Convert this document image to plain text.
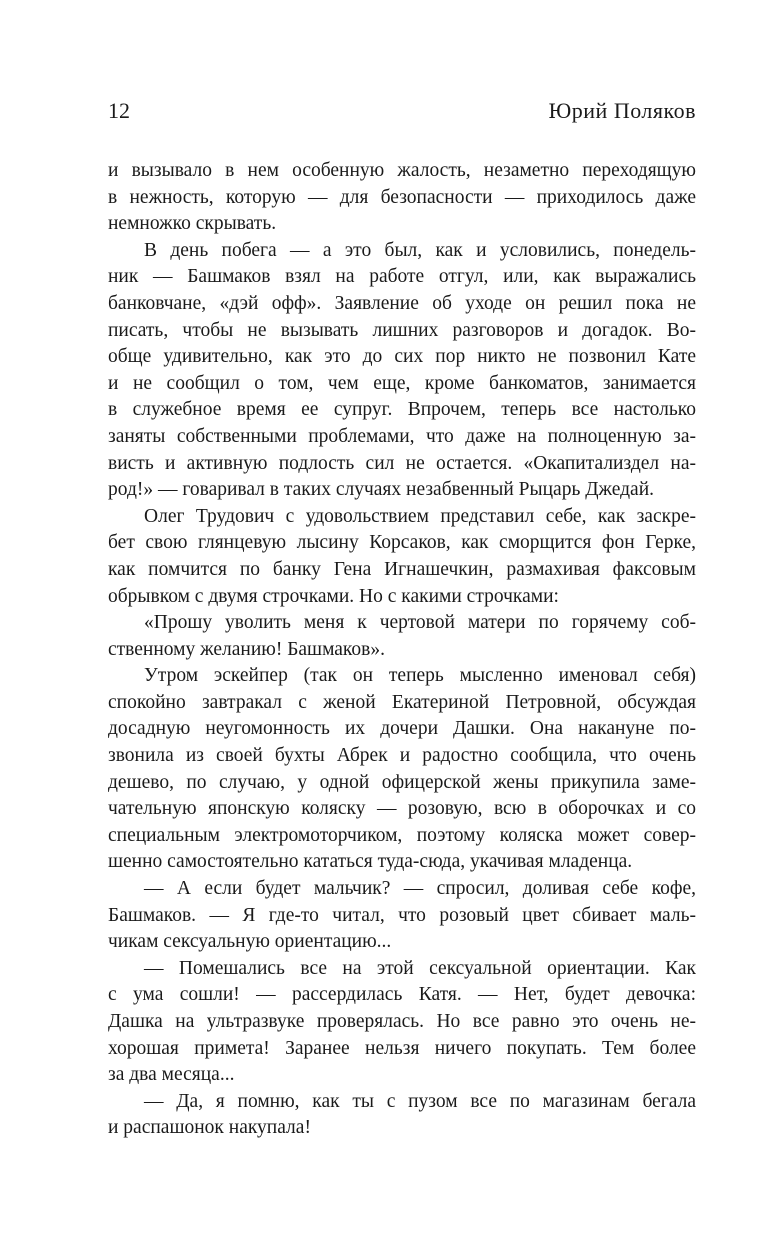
12	Юрий Поляков
и вызывало в нем особенную жалость, незаметно переходящую
в нежность, которую — для безопасности — приходилось даже
немножко скрывать.
В день побега — а это был, как и условились, понедель-
ник — Башмаков взял на работе отгул, или, как выражались
банковчане, «дэй офф». Заявление об уходе он решил пока не
писать, чтобы не вызывать лишних разговоров и догадок. Во-
обще удивительно, как это до сих пор никто не позвонил Кате
и не сообщил о том, чем еще, кроме банкоматов, занимается
в служебное время ее супруг. Впрочем, теперь все настолько
заняты собственными проблемами, что даже на полноценную за-
висть и активную подлость сил не остается. «Окапитализдел на-
род!» — говаривал в таких случаях незабвенный Рыцарь Джедай.
Олег Трудович с удовольствием представил себе, как заскре-
бет свою глянцевую лысину Корсаков, как сморщится фон Герке,
как помчится по банку Гена Игнашечкин, размахивая факсовым
обрывком с двумя строчками. Но с какими строчками:
«Прошу уволить меня к чертовой матери по горячему соб-
ственному желанию! Башмаков».
Утром эскейпер (так он теперь мысленно именовал себя)
спокойно завтракал с женой Екатериной Петровной, обсуждая
досадную неугомонность их дочери Дашки. Она накануне по-
звонила из своей бухты Абрек и радостно сообщила, что очень
дешево, по случаю, у одной офицерской жены прикупила заме-
чательную японскую коляску — розовую, всю в оборочках и со
специальным электромоторчиком, поэтому коляска может совер-
шенно самостоятельно кататься туда-сюда, укачивая младенца.
— А если будет мальчик? — спросил, доливая себе кофе,
Башмаков. — Я где-то читал, что розовый цвет сбивает маль-
чикам сексуальную ориентацию...
— Помешались все на этой сексуальной ориентации. Как
с ума сошли! — рассердилась Катя. — Нет, будет девочка:
Дашка на ультразвуке проверялась. Но все равно это очень не-
хорошая примета! Заранее нельзя ничего покупать. Тем более
за два месяца...
— Да, я помню, как ты с пузом все по магазинам бегала
и распашонок накупала!
